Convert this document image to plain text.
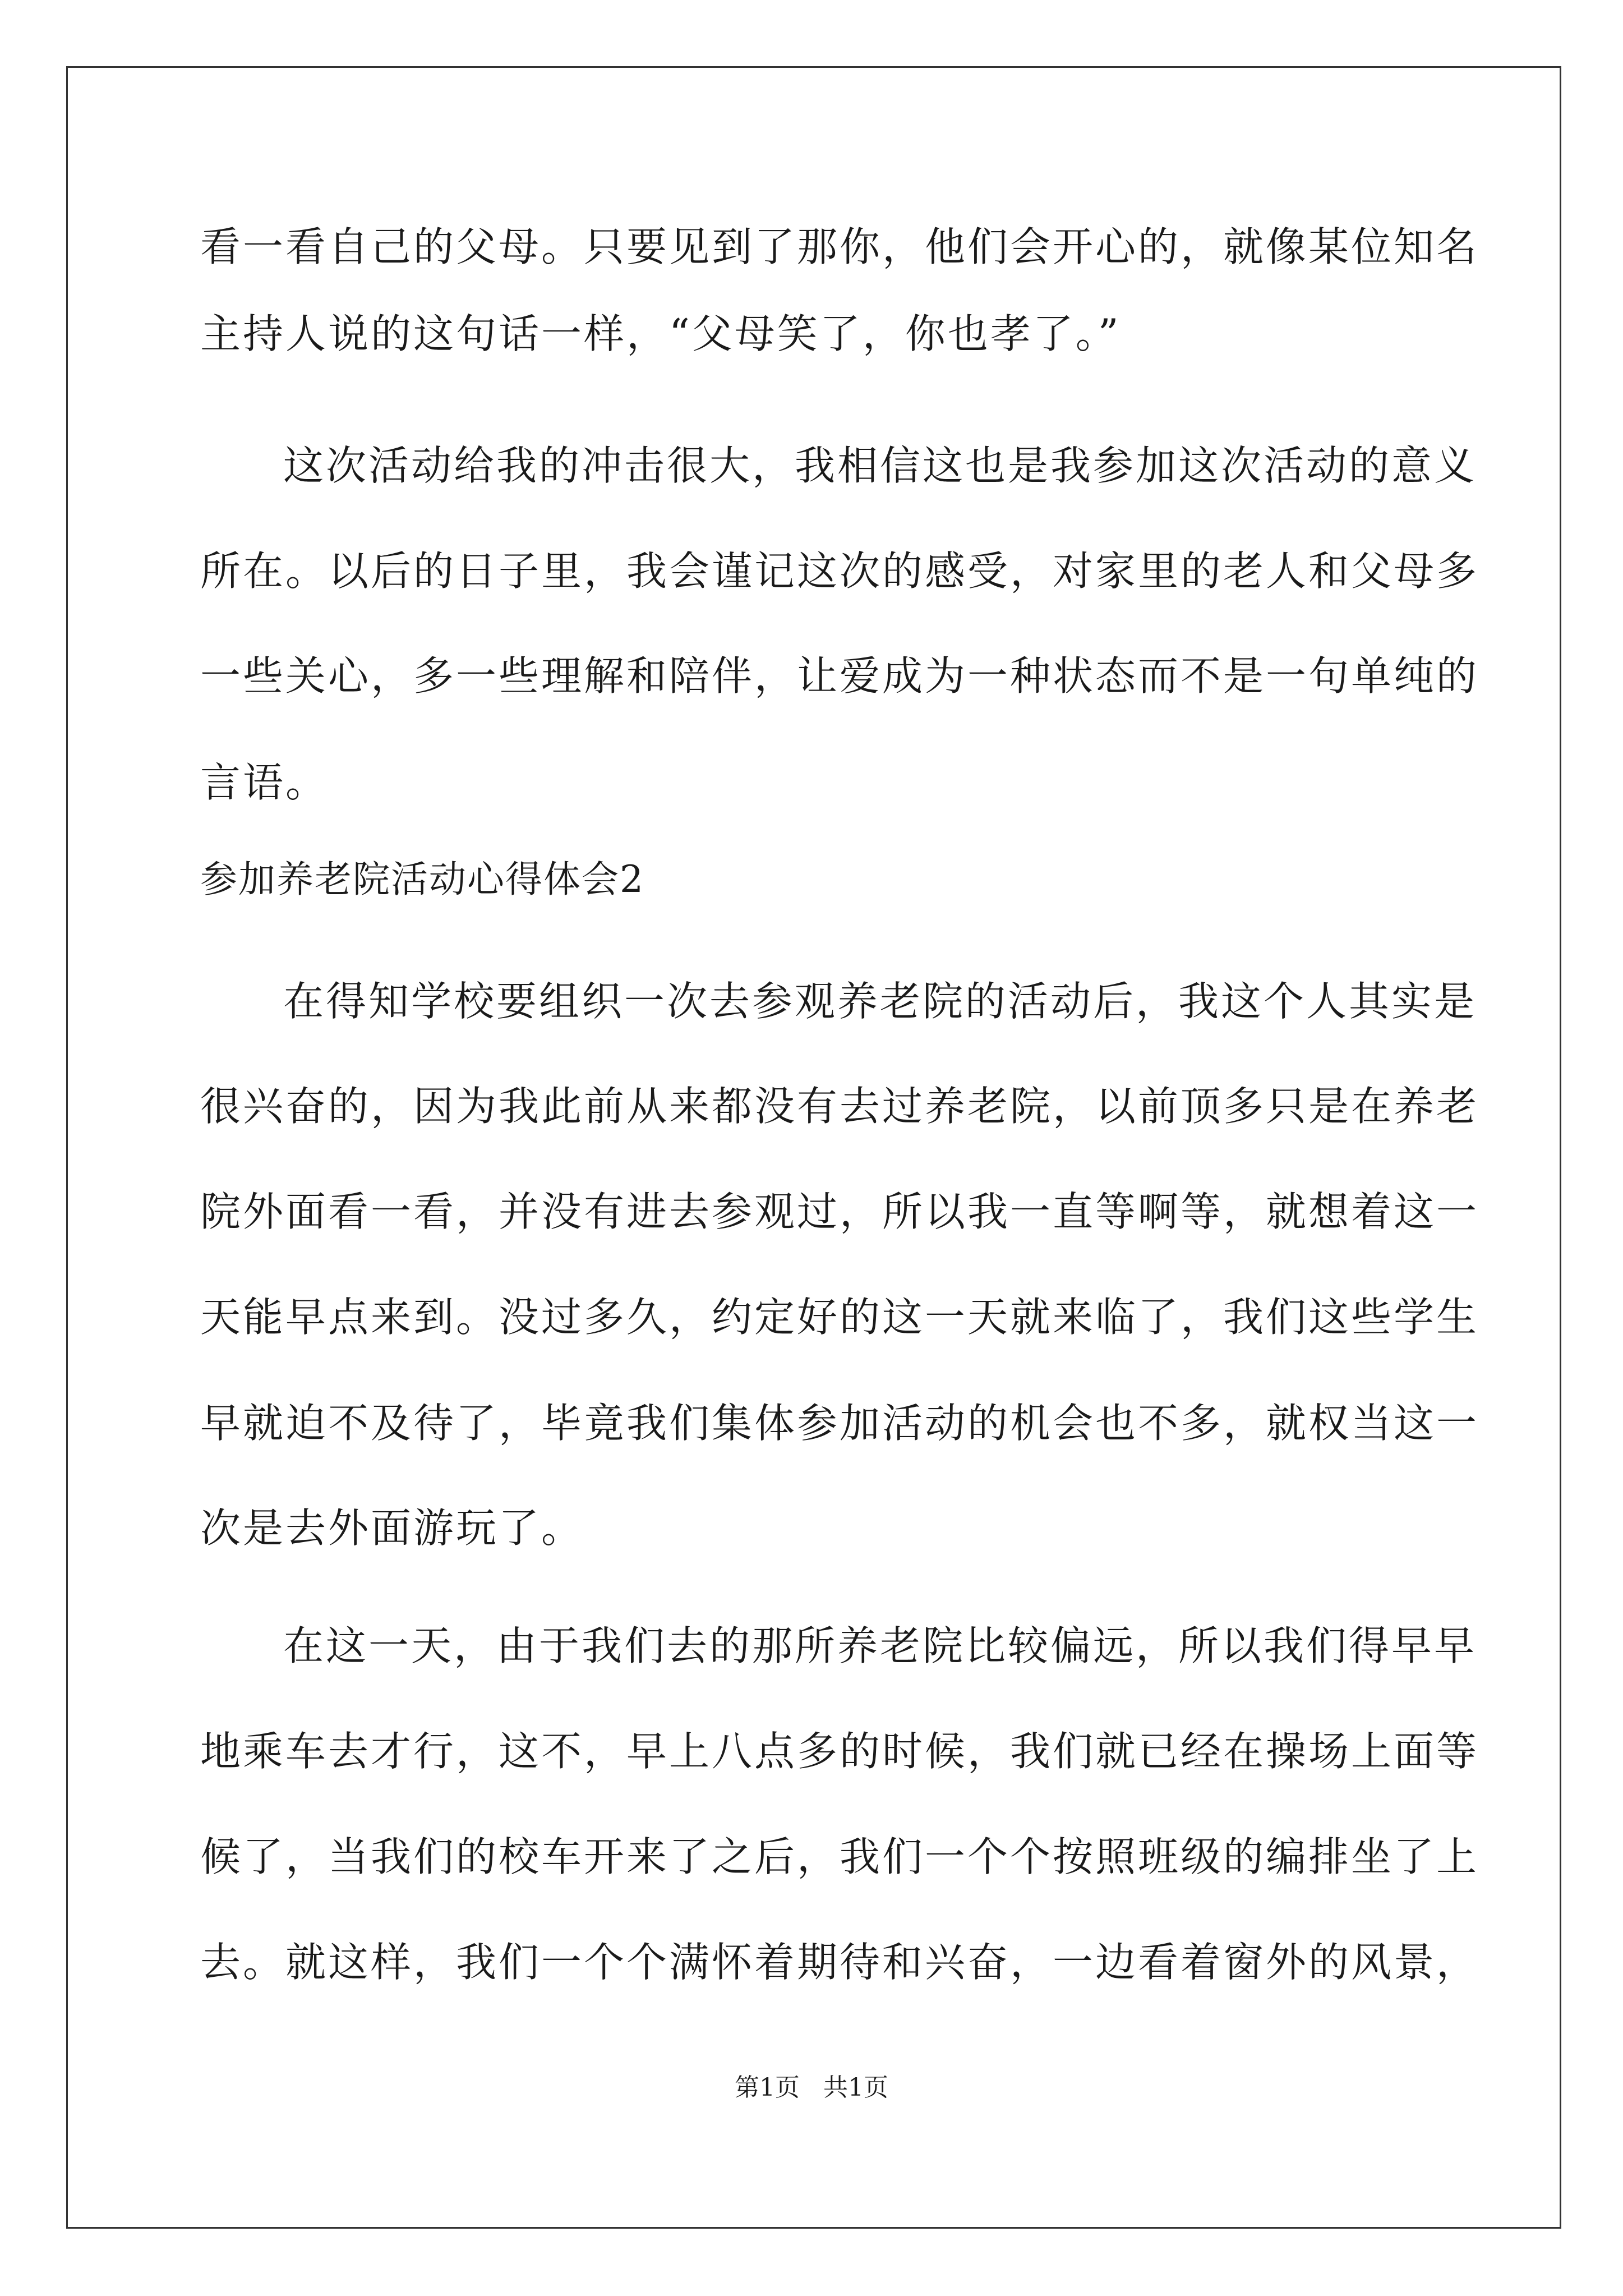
看一看自己的父母。只要见到了那你，他们会开心的，就像某位知名
主持人说的这句话一样，“父母笑了，你也孝了。”
这次活动给我的冲击很大，我相信这也是我参加这次活动的意义
所在。以后的日子里，我会谨记这次的感受，对家里的老人和父母多
一些关心，多一些理解和陪伴，让爱成为一种状态而不是一句单纯的
言语。
参加养老院活动心得体会2
在得知学校要组织一次去参观养老院的活动后，我这个人其实是
很兴奋的，因为我此前从来都没有去过养老院，以前顶多只是在养老
院外面看一看，并没有进去参观过，所以我一直等啊等，就想着这一
天能早点来到。没过多久，约定好的这一天就来临了，我们这些学生
早就迫不及待了，毕竟我们集体参加活动的机会也不多，就权当这一
次是去外面游玩了。
在这一天，由于我们去的那所养老院比较偏远，所以我们得早早
地乘车去才行，这不，早上八点多的时候，我们就已经在操场上面等
候了，当我们的校车开来了之后，我们一个个按照班级的编排坐了上
去。就这样，我们一个个满怀着期待和兴奋，一边看着窗外的风景，
第1页   共1页
